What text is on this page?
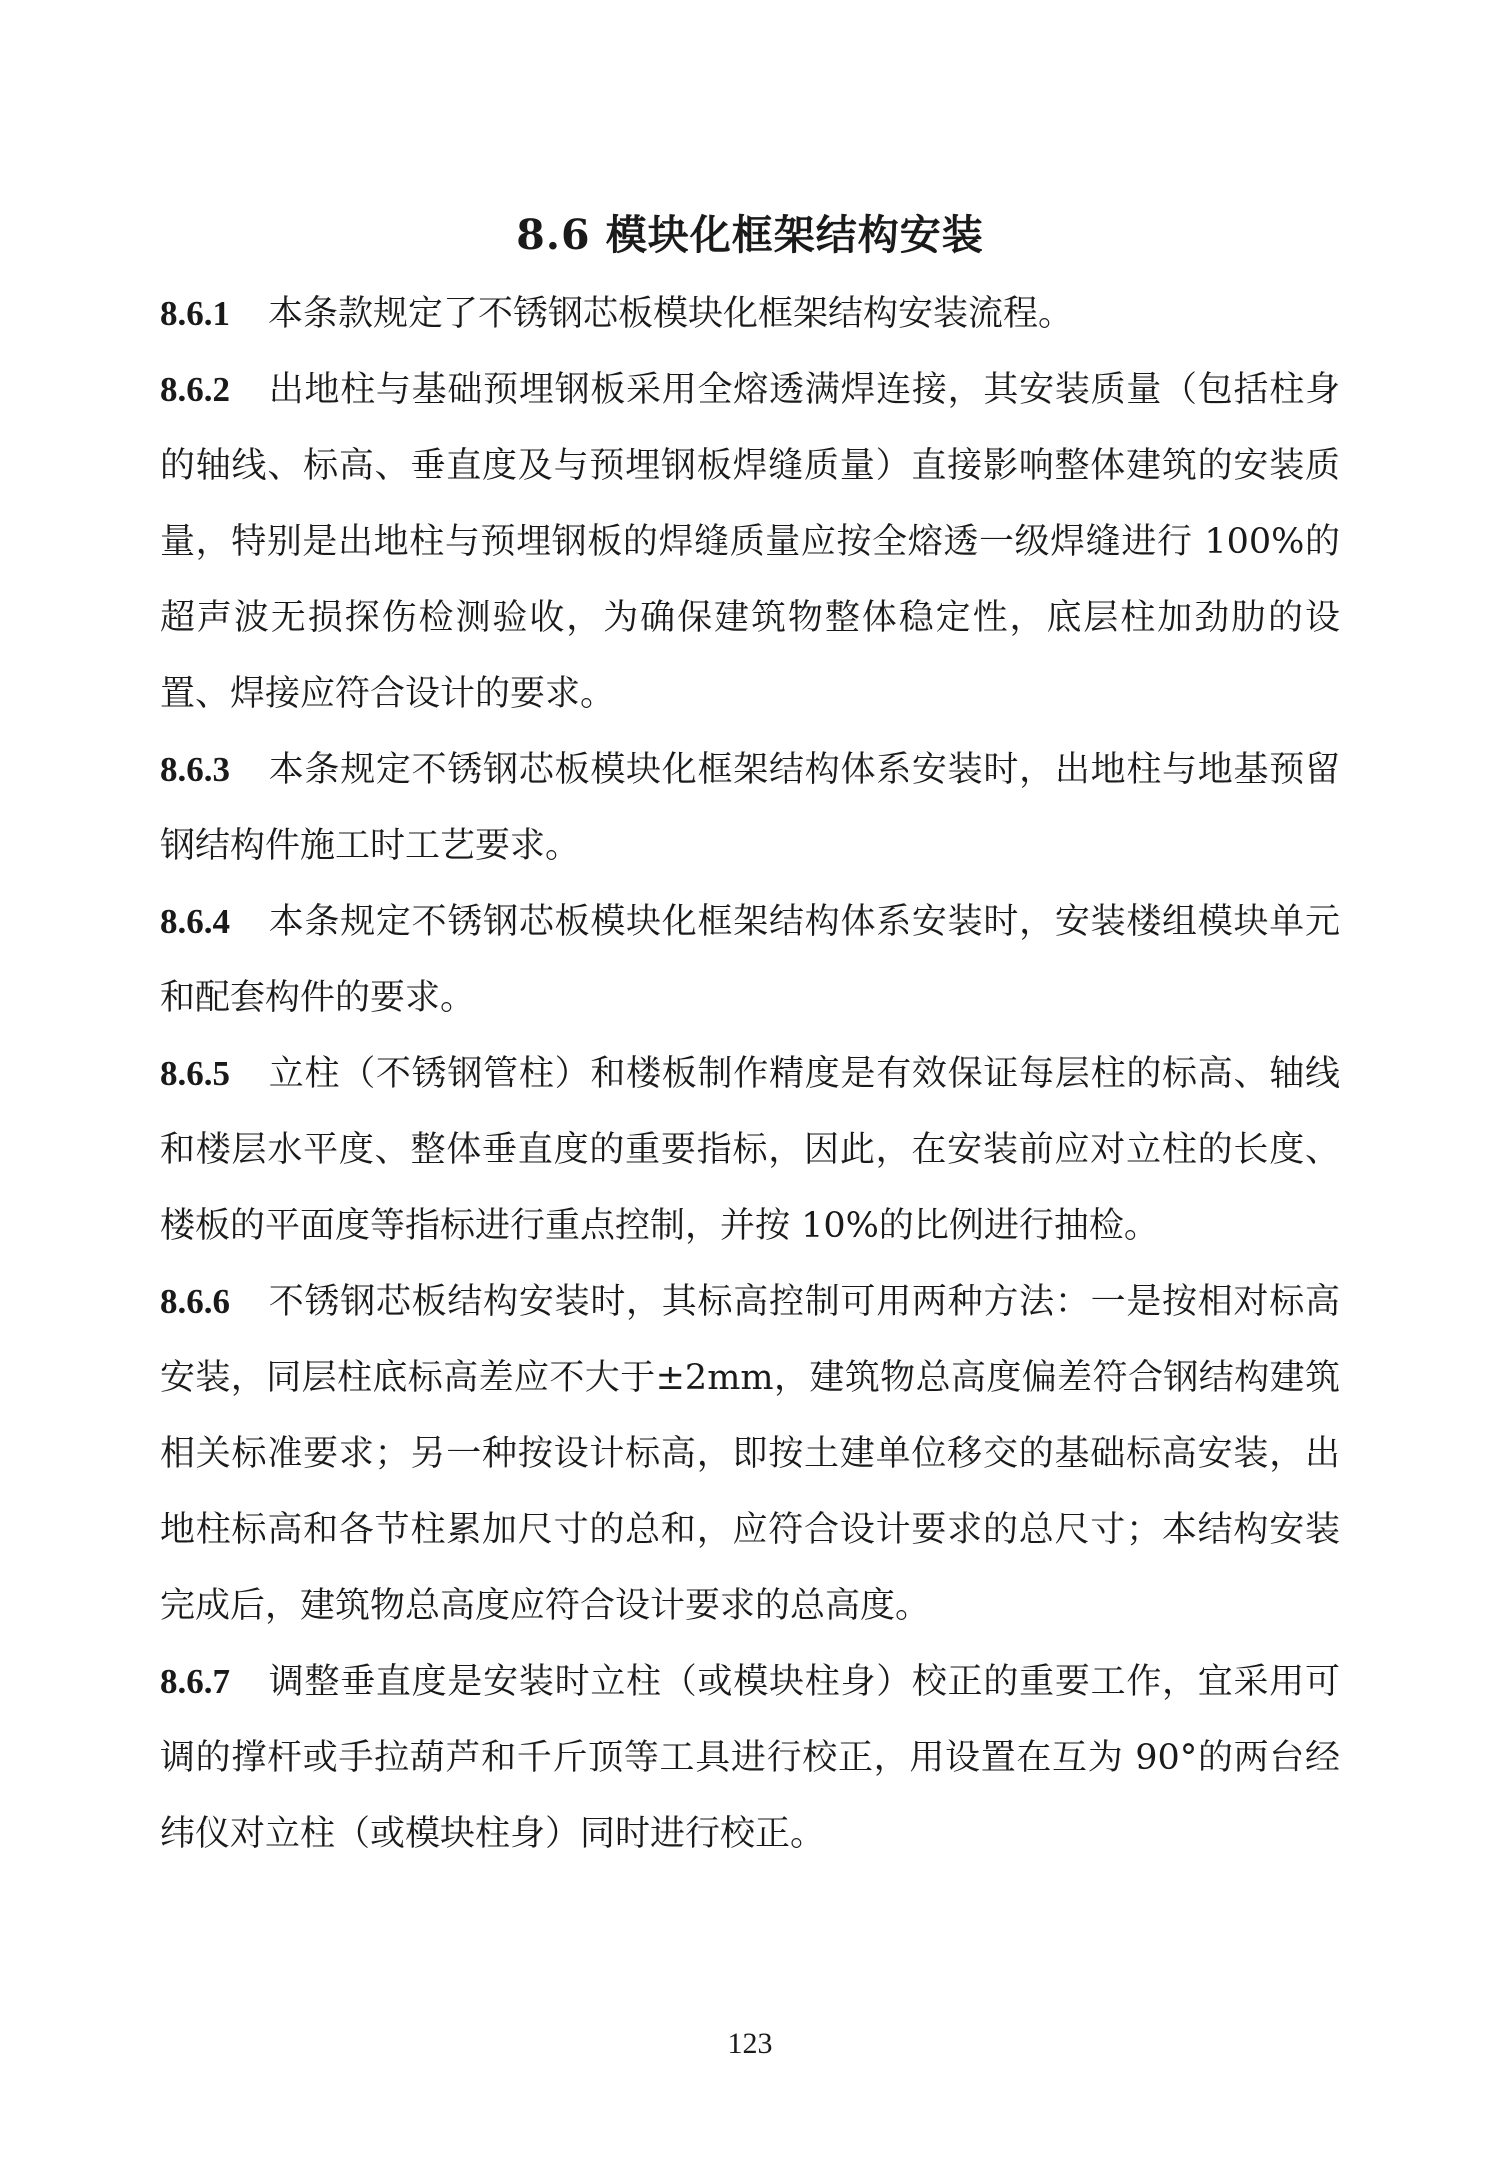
8.6 模块化框架结构安装

8.6.1 本条款规定了不锈钢芯板模块化框架结构安装流程。

8.6.2 出地柱与基础预埋钢板采用全熔透满焊连接，其安装质量（包括柱身的轴线、标高、垂直度及与预埋钢板焊缝质量）直接影响整体建筑的安装质量，特别是出地柱与预埋钢板的焊缝质量应按全熔透一级焊缝进行 100%的超声波无损探伤检测验收，为确保建筑物整体稳定性，底层柱加劲肋的设置、焊接应符合设计的要求。

8.6.3 本条规定不锈钢芯板模块化框架结构体系安装时，出地柱与地基预留钢结构件施工时工艺要求。

8.6.4 本条规定不锈钢芯板模块化框架结构体系安装时，安装楼组模块单元和配套构件的要求。

8.6.5 立柱（不锈钢管柱）和楼板制作精度是有效保证每层柱的标高、轴线和楼层水平度、整体垂直度的重要指标，因此，在安装前应对立柱的长度、楼板的平面度等指标进行重点控制，并按 10%的比例进行抽检。

8.6.6 不锈钢芯板结构安装时，其标高控制可用两种方法：一是按相对标高安装，同层柱底标高差应不大于±2mm，建筑物总高度偏差符合钢结构建筑相关标准要求；另一种按设计标高，即按土建单位移交的基础标高安装，出地柱标高和各节柱累加尺寸的总和，应符合设计要求的总尺寸；本结构安装完成后，建筑物总高度应符合设计要求的总高度。

8.6.7 调整垂直度是安装时立柱（或模块柱身）校正的重要工作，宜采用可调的撑杆或手拉葫芦和千斤顶等工具进行校正，用设置在互为 90°的两台经纬仪对立柱（或模块柱身）同时进行校正。

123
